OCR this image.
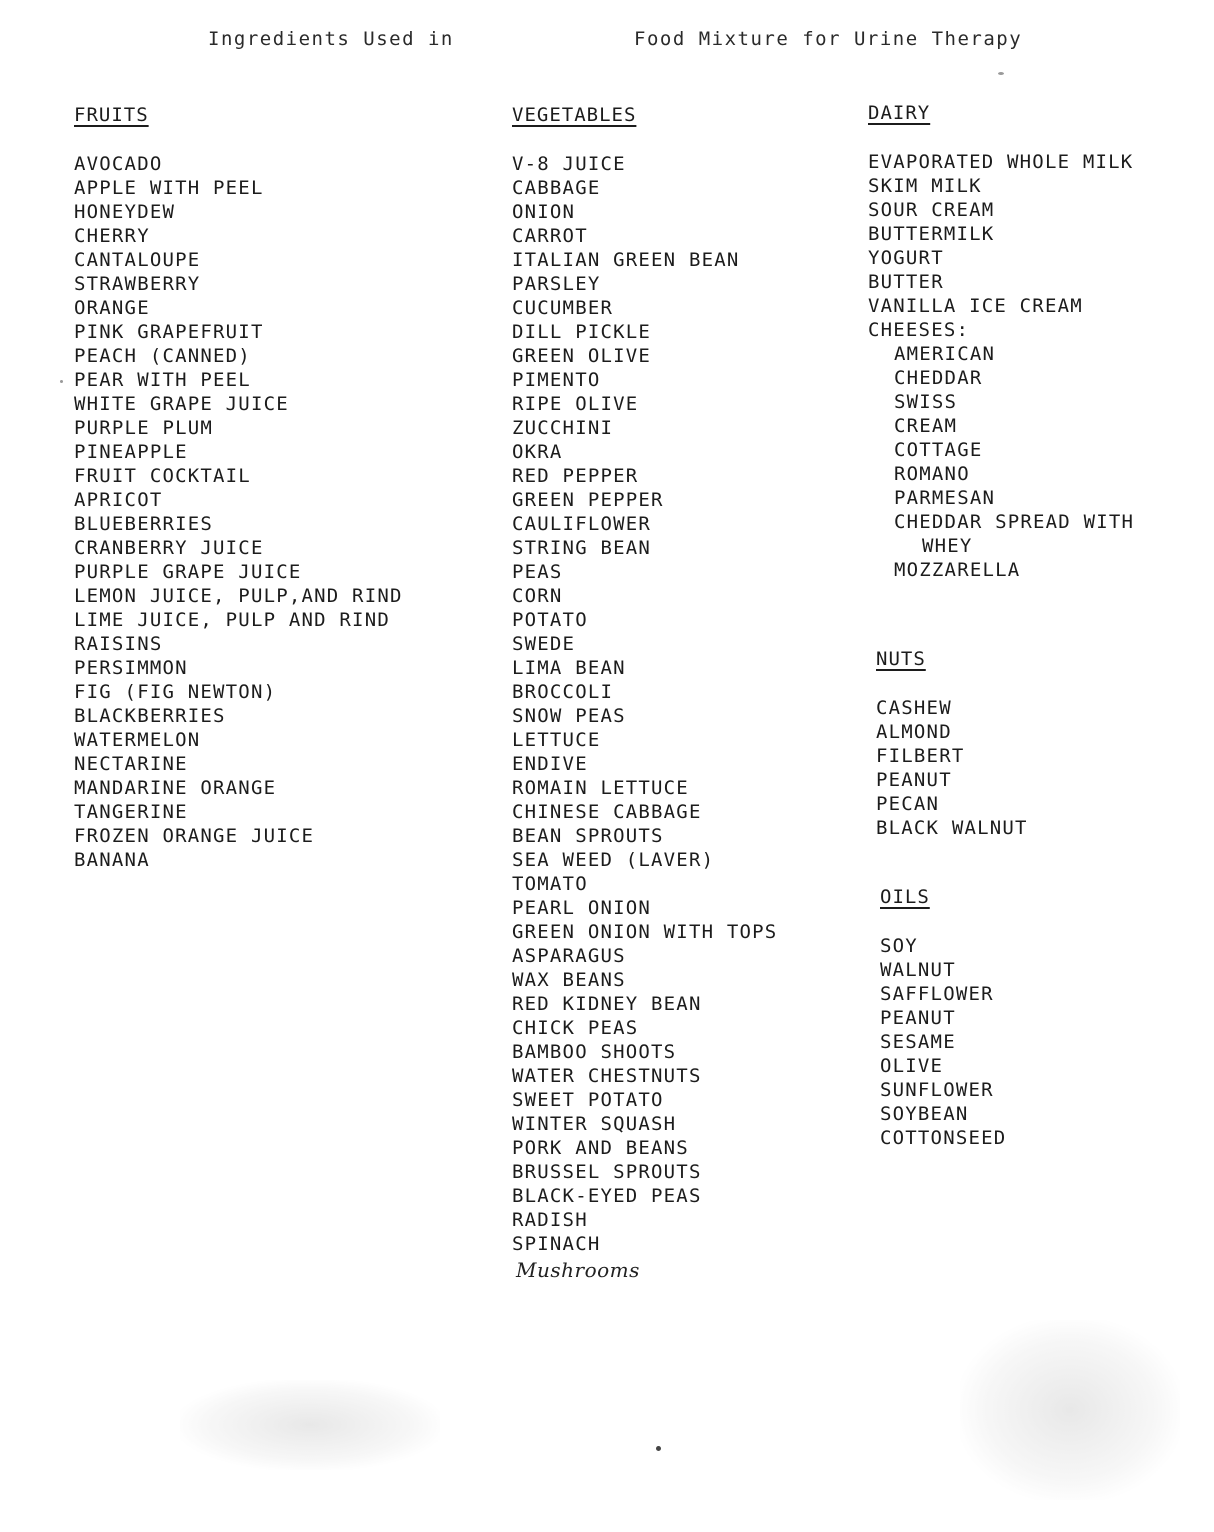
Ingredients Used in	Food Mixture for Urine Therapy
FRUITS
AVOCADO
APPLE WITH PEEL
HONEYDEW
CHERRY
CANTALOUPE
STRAWBERRY
ORANGE
PINK GRAPEFRUIT
PEACH (CANNED)
PEAR WITH PEEL
WHITE GRAPE JUICE
PURPLE PLUM
PINEAPPLE
FRUIT COCKTAIL
APRICOT
BLUEBERRIES
CRANBERRY JUICE
PURPLE GRAPE JUICE
LEMON JUICE, PULP,AND RIND
LIME JUICE, PULP AND RIND
RAISINS
PERSIMMON
FIG (FIG NEWTON)
BLACKBERRIES
WATERMELON
NECTARINE
MANDARINE ORANGE
TANGERINE
FROZEN ORANGE JUICE
BANANA
VEGETABLES
V-8 JUICE
CABBAGE
ONION
CARROT
ITALIAN GREEN BEAN
PARSLEY
CUCUMBER
DILL PICKLE
GREEN OLIVE
PIMENTO
RIPE OLIVE
ZUCCHINI
OKRA
RED PEPPER
GREEN PEPPER
CAULIFLOWER
STRING BEAN
PEAS
CORN
POTATO
SWEDE
LIMA BEAN
BROCCOLI
SNOW PEAS
LETTUCE
ENDIVE
ROMAIN LETTUCE
CHINESE CABBAGE
BEAN SPROUTS
SEA WEED (LAVER)
TOMATO
PEARL ONION
GREEN ONION WITH TOPS
ASPARAGUS
WAX BEANS
RED KIDNEY BEAN
CHICK PEAS
BAMBOO SHOOTS
WATER CHESTNUTS
SWEET POTATO
WINTER SQUASH
PORK AND BEANS
BRUSSEL SPROUTS
BLACK-EYED PEAS
RADISH
SPINACH
Mushrooms
DAIRY
EVAPORATED WHOLE MILK
SKIM MILK
SOUR CREAM
BUTTERMILK
YOGURT
BUTTER
VANILLA ICE CREAM
CHEESES:
AMERICAN
CHEDDAR
SWISS
CREAM
COTTAGE
ROMANO
PARMESAN
CHEDDAR SPREAD WITH
WHEY
MOZZARELLA
NUTS
CASHEW
ALMOND
FILBERT
PEANUT
PECAN
BLACK WALNUT
OILS
SOY
WALNUT
SAFFLOWER
PEANUT
SESAME
OLIVE
SUNFLOWER
SOYBEAN
COTTONSEED
